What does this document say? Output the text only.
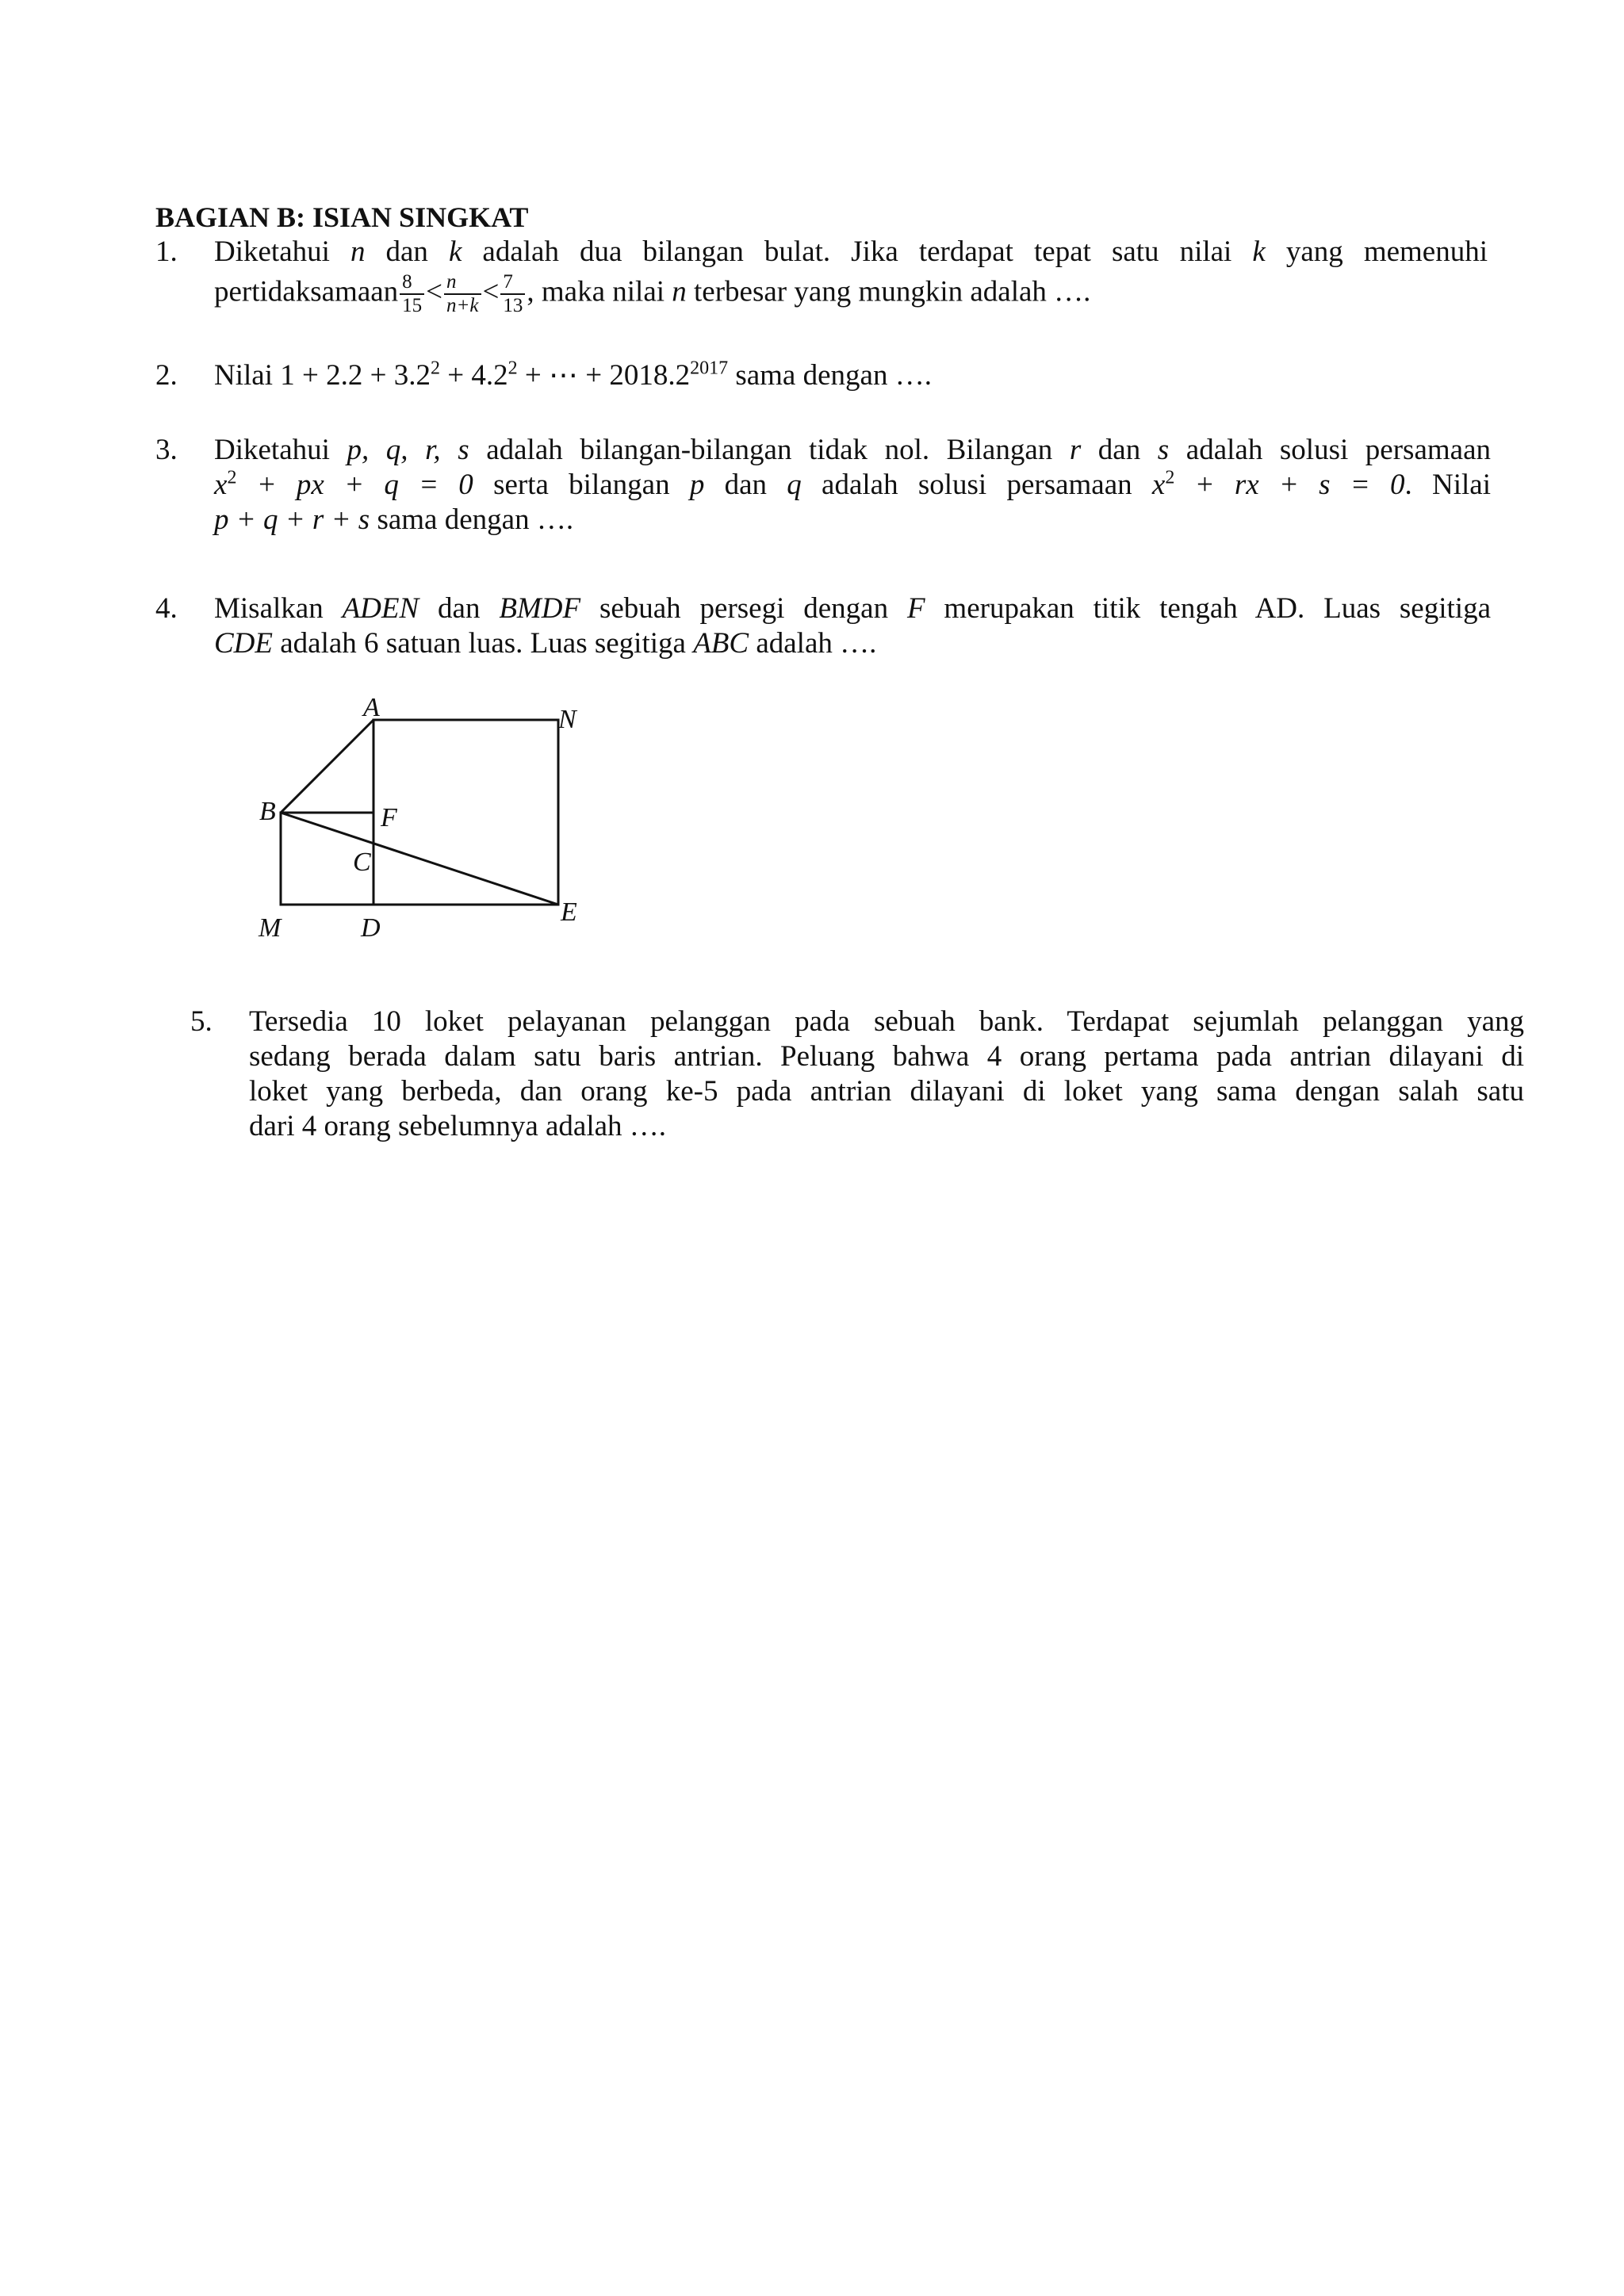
BAGIAN B: ISIAN SINGKAT
1. Diketahui n dan k adalah dua bilangan bulat. Jika terdapat tepat satu nilai k yang memenuhi
pertidaksamaan $\frac{8}{15} < \frac{n}{n+k} < \frac{7}{13}$ , maka nilai n terbesar yang mungkin adalah ….
2. Nilai $1 + 2.2 + 3.2^2 + 4.2^2$ + ⋯ + $2018.2^{2017}$ sama dengan ….
3. Diketahui p, q, r, s adalah bilangan-bilangan tidak nol. Bilangan r dan s adalah solusi persamaan
$x^2$ + px + q = 0 serta bilangan p dan q adalah solusi persamaan $x^2$ + rx + s = 0. Nilai
p + q + r + s sama dengan ….
4. Misalkan ADEN dan BMDF sebuah persegi dengan F merupakan titik tengah AD. Luas segitiga
CDE adalah 6 satuan luas. Luas segitiga ABC adalah ….
A	N
B	F
C
M	D
E
5. Tersedia 10 loket pelayanan pelanggan pada sebuah bank. Terdapat sejumlah pelanggan yang
sedang berada dalam satu baris antrian. Peluang bahwa 4 orang pertama pada antrian dilayani di
loket yang berbeda, dan orang ke-5 pada antrian dilayani di loket yang sama dengan salah satu
dari 4 orang sebelumnya adalah ….
